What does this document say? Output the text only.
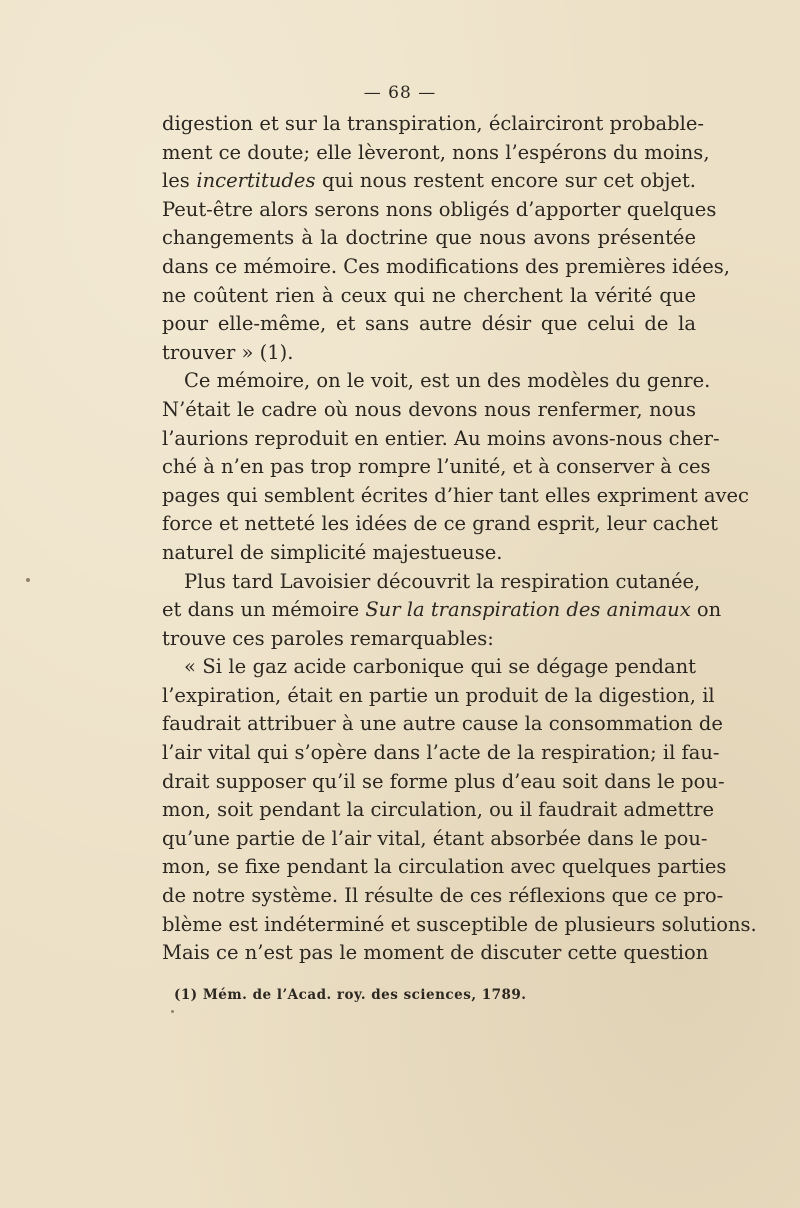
— 68 —
digestion et sur la transpiration, éclairciront probable-
ment ce doute; elle lèveront, nons l’espérons du moins,
les incertitudes qui nous restent encore sur cet objet.
Peut-être alors serons nons obligés d’apporter quelques
changements à la doctrine que nous avons présentée
dans ce mémoire. Ces modifications des premières idées,
ne coûtent rien à ceux qui ne cherchent la vérité que
pour elle-même, et sans autre désir que celui de la
trouver » (1).
Ce mémoire, on le voit, est un des modèles du genre.
N’était le cadre où nous devons nous renfermer, nous
l’aurions reproduit en entier. Au moins avons-nous cher-
ché à n’en pas trop rompre l’unité, et à conserver à ces
pages qui semblent écrites d’hier tant elles expriment avec
force et netteté les idées de ce grand esprit, leur cachet
naturel de simplicité majestueuse.
Plus tard Lavoisier découvrit la respiration cutanée,
et dans un mémoire Sur la transpiration des animaux on
trouve ces paroles remarquables:
« Si le gaz acide carbonique qui se dégage pendant
l’expiration, était en partie un produit de la digestion, il
faudrait attribuer à une autre cause la consommation de
l’air vital qui s’opère dans l’acte de la respiration; il fau-
drait supposer qu’il se forme plus d’eau soit dans le pou-
mon, soit pendant la circulation, ou il faudrait admettre
qu’une partie de l’air vital, étant absorbée dans le pou-
mon, se fixe pendant la circulation avec quelques parties
de notre système. Il résulte de ces réflexions que ce pro-
blème est indéterminé et susceptible de plusieurs solutions.
Mais ce n’est pas le moment de discuter cette question
(1) Mém. de l’Acad. roy. des sciences, 1789.
